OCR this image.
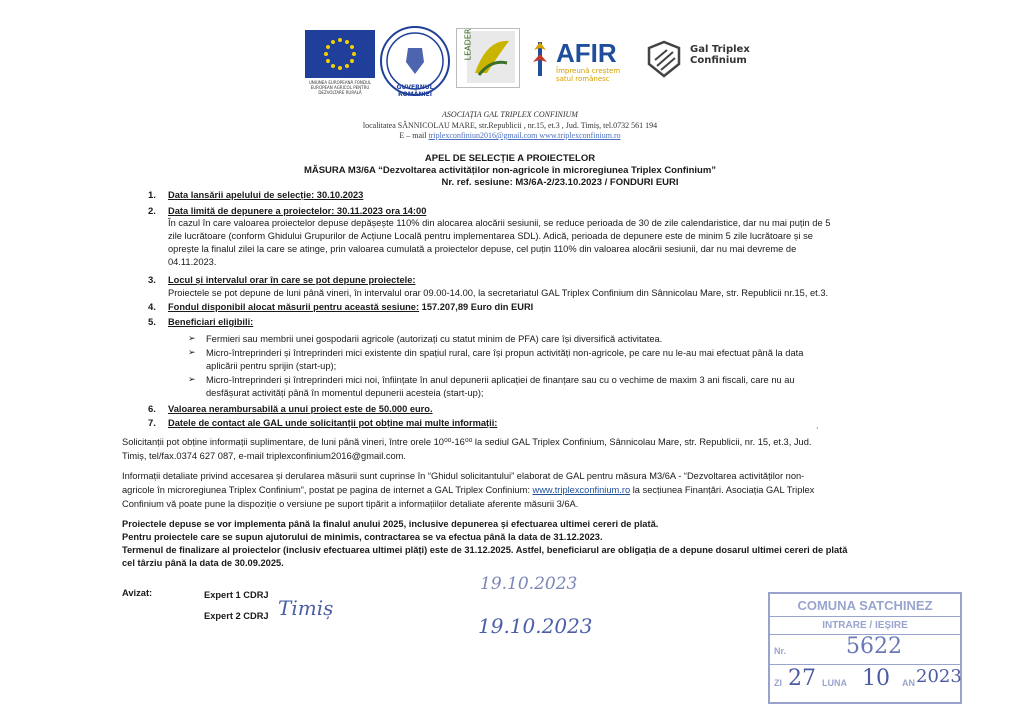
UNIUNEA EUROPEANĂ FONDUL EUROPEAN AGRICOL PENTRU DEZVOLTARE RURALĂ
GUVERNUL ROMÂNIEI
LEADER	AFIR
Împreună creștem satul românesc
Gal Triplex Confinium
ASOCIAȚIA GAL TRIPLEX CONFINIUM
localitatea SÂNNICOLAU MARE, str.Republicii , nr.15, et.3 , Jud. Timiș, tel.0732 561 194
E – mail triplexconfiniun2016@gmail.com www.triplexconfinium.ro
APEL DE SELECȚIE A PROIECTELOR
MĂSURA M3/6A “Dezvoltarea activităților non-agricole în microregiunea Triplex Confinium”
Nr. ref. sesiune: M3/6A-2/23.10.2023 / FONDURI EURI
1. Data lansării apelului de selecție: 30.10.2023
2. Data limită de depunere a proiectelor: 30.11.2023 ora 14:00
În cazul în care valoarea proiectelor depuse depășește 110% din alocarea alocării sesiunii, se reduce perioada de 30 de zile calendaristice, dar nu mai puțin de 5
zile lucrătoare (conform Ghidului Grupurilor de Acțiune Locală pentru implementarea SDL). Adică, perioada de depunere este de minim 5 zile lucrătoare și se
oprește la finalul zilei la care se atinge, prin valoarea cumulată a proiectelor depuse, cel puțin 110% din valoarea alocării sesiunii, dar nu mai devreme de
04.11.2023.
3. Locul și intervalul orar în care se pot depune proiectele:
Proiectele se pot depune de luni până vineri, în intervalul orar 09.00-14.00, la secretariatul GAL Triplex Confinium din Sânnicolau Mare, str. Republicii nr.15, et.3.
4. Fondul disponibil alocat măsurii pentru această sesiune: 157.207,89 Euro din EURI
5. Beneficiari eligibili:
➢ Fermieri sau membrii unei gospodarii agricole (autorizați cu statut minim de PFA) care își diversifică activitatea.
➢ Micro-întreprinderi și întreprinderi mici existente din spațiul rural, care își propun activități non-agricole, pe care nu le-au mai efectuat până la data
aplicării pentru sprijin (start-up);
➢ Micro-întreprinderi și întreprinderi mici noi, înființate în anul depunerii aplicației de finanțare sau cu o vechime de maxim 3 ani fiscali, care nu au
desfășurat activități până în momentul depunerii acesteia (start-up);
6. Valoarea nerambursabilă a unui proiect este de 50.000 euro.
7. Datele de contact ale GAL unde solicitanții pot obține mai multe informații:
Solicitanții pot obține informații suplimentare, de luni până vineri, între orele 10⁰⁰-16⁰⁰ la sediul GAL Triplex Confinium, Sânnicolau Mare, str. Republicii, nr. 15, et.3, Jud.
Timiș, tel/fax.0374 627 087, e-mail triplexconfinium2016@gmail.com.
Informații detaliate privind accesarea și derularea măsurii sunt cuprinse în “Ghidul solicitantului” elaborat de GAL pentru măsura M3/6A - “Dezvoltarea activităților non-
agricole în microregiunea Triplex Confinium”, postat pe pagina de internet a GAL Triplex Confinium: www.triplexconfinium.ro la secțiunea Finanțări. Asociația GAL Triplex
Confinium vă poate pune la dispoziție o versiune pe suport tipărit a informațiilor detaliate aferente măsurii 3/6A.
Proiectele depuse se vor implementa până la finalul anului 2025, inclusive depunerea și efectuarea ultimei cereri de plată.
Pentru proiectele care se supun ajutorului de minimis, contractarea se va efectua până la data de 31.12.2023.
Termenul de finalizare al proiectelor (inclusiv efectuarea ultimei plăți) este de 31.12.2025. Astfel, beneficiarul are obligația de a depune dosarul ultimei cereri de plată
cel târziu până la data de 30.09.2025.
Avizat:	Expert 1 CDRJ
Expert 2 CDRJ Timiș
19.10.2023
19.10.2023
COMUNA SATCHINEZ
INTRARE / IEȘIRE
Nr.	5622
ZI 27 LUNA 10 AN 2023
·
